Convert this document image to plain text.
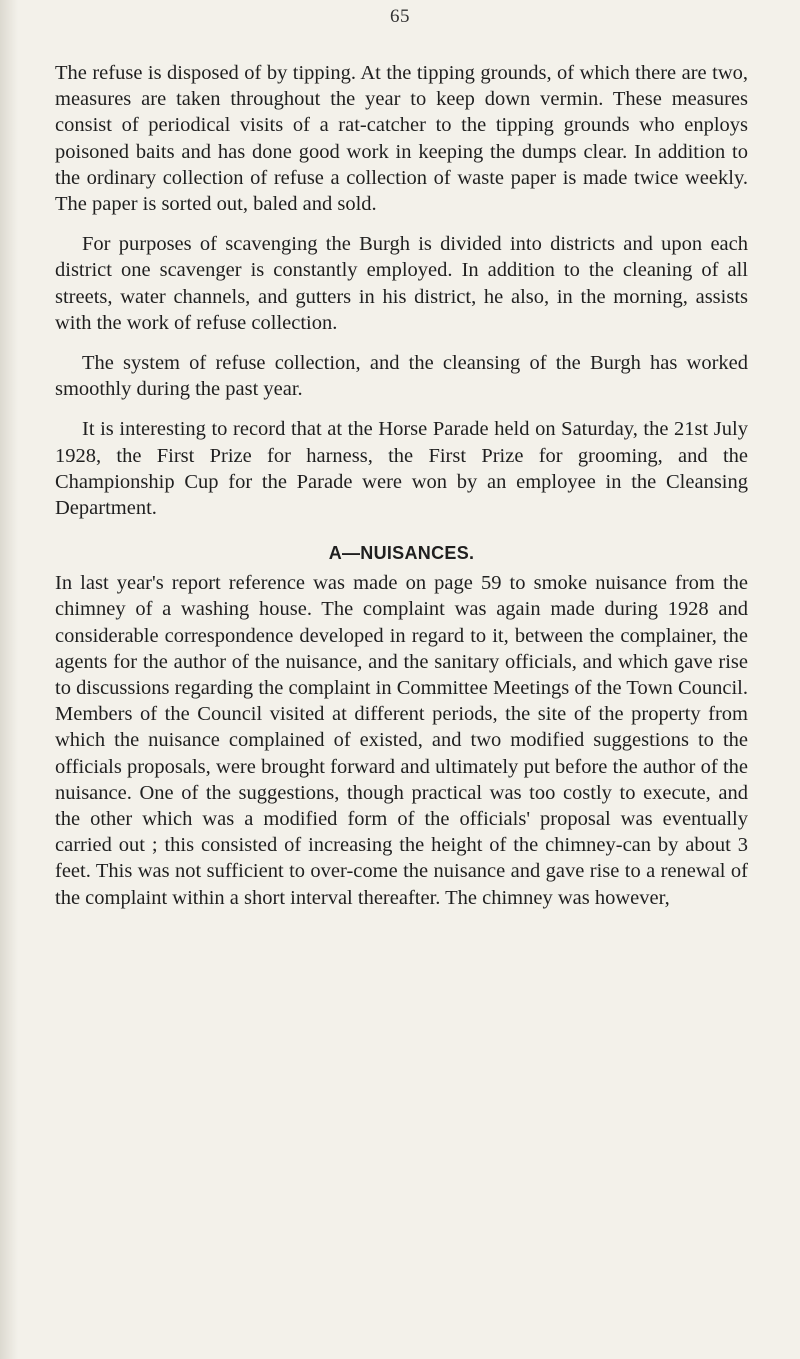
65

The refuse is disposed of by tipping. At the tipping grounds, of which there are two, measures are taken throughout the year to keep down vermin. These measures consist of periodical visits of a rat-catcher to the tipping grounds who enploys poisoned baits and has done good work in keeping the dumps clear. In addition to the ordinary collection of refuse a collection of waste paper is made twice weekly. The paper is sorted out, baled and sold.

For purposes of scavenging the Burgh is divided into districts and upon each district one scavenger is constantly employed. In addition to the cleaning of all streets, water channels, and gutters in his district, he also, in the morning, assists with the work of refuse collection.

The system of refuse collection, and the cleansing of the Burgh has worked smoothly during the past year.

It is interesting to record that at the Horse Parade held on Saturday, the 21st July 1928, the First Prize for harness, the First Prize for grooming, and the Championship Cup for the Parade were won by an employee in the Cleansing Department.

A—NUISANCES.

In last year's report reference was made on page 59 to smoke nuisance from the chimney of a washing house. The complaint was again made during 1928 and considerable correspondence developed in regard to it, between the complainer, the agents for the author of the nuisance, and the sanitary officials, and which gave rise to discussions regarding the complaint in Committee Meetings of the Town Council. Members of the Council visited at different periods, the site of the property from which the nuisance complained of existed, and two modified suggestions to the officials proposals, were brought forward and ultimately put before the author of the nuisance. One of the suggestions, though practical was too costly to execute, and the other which was a modified form of the officials' proposal was eventually carried out ; this consisted of increasing the height of the chimney-can by about 3 feet. This was not sufficient to over-come the nuisance and gave rise to a renewal of the complaint within a short interval thereafter. The chimney was however,
